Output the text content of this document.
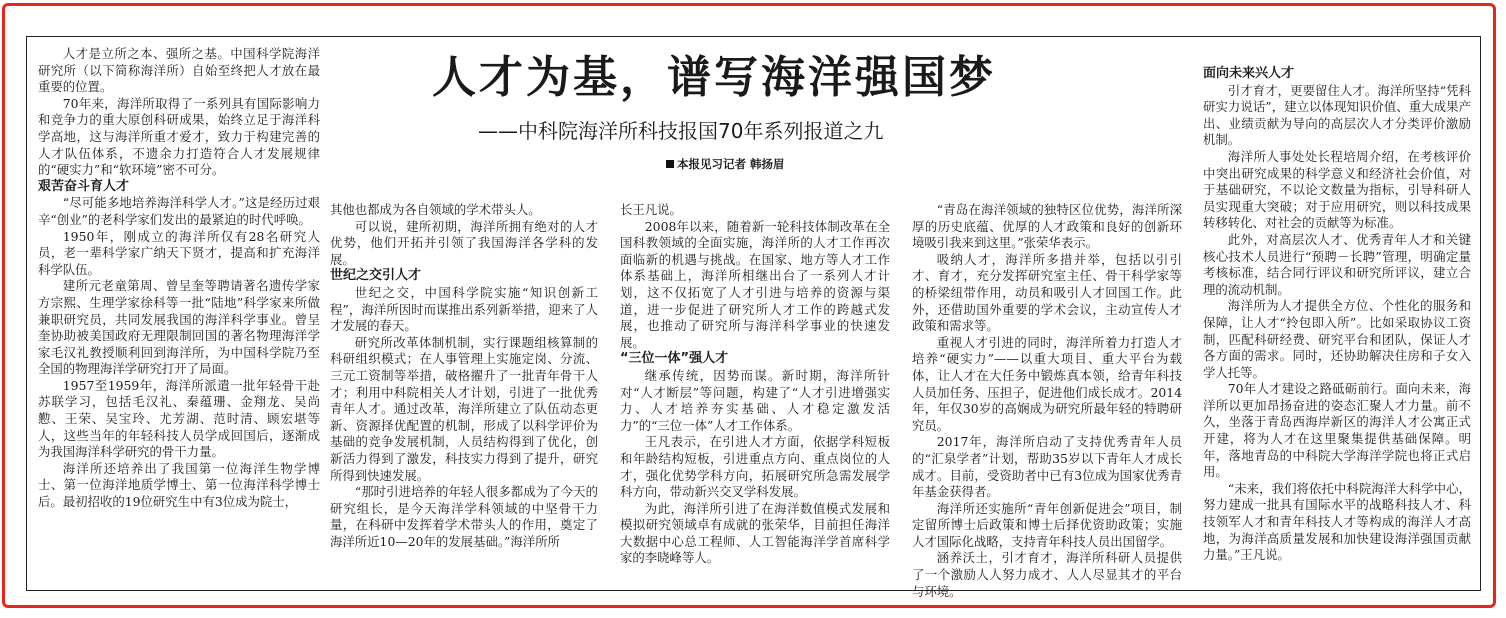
人才为基，谱写海洋强国梦
——中科院海洋所科技报国70年系列报道之九
本报见习记者 韩扬眉

人才是立所之本、强所之基。中国科学院海洋研究所（以下简称海洋所）自始至终把人才放在最重要的位置。

70年来，海洋所取得了一系列具有国际影响力和竞争力的重大原创科研成果，始终立足于海洋科学高地，这与海洋所重才爱才，致力于构建完善的人才队伍体系，不遗余力打造符合人才发展规律的“硬实力”和“软环境”密不可分。

艰苦奋斗育人才

“尽可能多地培养海洋科学人才。”这是经历过艰辛“创业”的老科学家们发出的最紧迫的时代呼唤。

1950年，刚成立的海洋所仅有28名研究人员，老一辈科学家广纳天下贤才，提高和扩充海洋科学队伍。

建所元老童第周、曾呈奎等聘请著名遗传学家方宗熙、生理学家徐科等一批“陆地”科学家来所做兼职研究员，共同发展我国的海洋科学事业。曾呈奎协助被美国政府无理限制回国的著名物理海洋学家毛汉礼教授顺利回到海洋所，为中国科学院乃至全国的物理海洋学研究打开了局面。

1957至1959年，海洋所派遣一批年轻骨干赴苏联学习，包括毛汉礼、秦蕴珊、金翔龙、吴尚懃、王荣、吴宝玲、尤芳湖、范时清、顾宏堪等人，这些当年的年轻科技人员学成回国后，逐渐成为我国海洋科学研究的骨干力量。

海洋所还培养出了我国第一位海洋生物学博士、第一位海洋地质学博士、第一位海洋科学博士后。最初招收的19位研究生中有3位成为院士，

其他也都成为各自领域的学术带头人。

可以说，建所初期，海洋所拥有绝对的人才优势，他们开拓并引领了我国海洋各学科的发展。

世纪之交引人才

世纪之交，中国科学院实施“知识创新工程”，海洋所因时而谋推出系列新举措，迎来了人才发展的春天。

研究所改革体制机制，实行课题组核算制的科研组织模式；在人事管理上实施定岗、分流、三元工资制等举措，破格擢升了一批青年骨干人才；利用中科院相关人才计划，引进了一批优秀青年人才。通过改革，海洋所建立了队伍动态更新、资源择优配置的机制，形成了以科学评价为基础的竞争发展机制，人员结构得到了优化，创新活力得到了激发，科技实力得到了提升，研究所得到快速发展。

“那时引进培养的年轻人很多都成为了今天的研究组长，是今天海洋学科领域的中坚骨干力量，在科研中发挥着学术带头人的作用，奠定了海洋所近10—20年的发展基础。”海洋所所

长王凡说。

2008年以来，随着新一轮科技体制改革在全国科教领域的全面实施，海洋所的人才工作再次面临新的机遇与挑战。在国家、地方等人才工作体系基础上，海洋所相继出台了一系列人才计划，这不仅拓宽了人才引进与培养的资源与渠道，进一步促进了研究所人才工作的跨越式发展，也推动了研究所与海洋科学事业的快速发展。

“三位一体”强人才

继承传统，因势而谋。新时期，海洋所针对“人才断层”等问题，构建了“人才引进增强实力、人才培养夯实基础、人才稳定激发活力”的“三位一体”人才工作体系。

王凡表示，在引进人才方面，依据学科短板和年龄结构短板，引进重点方向、重点岗位的人才，强化优势学科方向，拓展研究所急需发展学科方向，带动新兴交叉学科发展。

为此，海洋所引进了在海洋数值模式发展和模拟研究领域卓有成就的张荣华，目前担任海洋大数据中心总工程师、人工智能海洋学首席科学家的李晓峰等人。

“青岛在海洋领域的独特区位优势，海洋所深厚的历史底蕴、优厚的人才政策和良好的创新环境吸引我来到这里。”张荣华表示。

吸纳人才，海洋所多措并举，包括以引引才、育才，充分发挥研究室主任、骨干科学家等的桥梁纽带作用，动员和吸引人才回国工作。此外，还借助国外重要的学术会议，主动宣传人才政策和需求等。

重视人才引进的同时，海洋所着力打造人才培养“硬实力”——以重大项目、重大平台为载体，让人才在大任务中锻炼真本领，给青年科技人员加任务、压担子，促进他们成长成才。2014年，年仅30岁的高娴成为研究所最年轻的特聘研究员。

2017年，海洋所启动了支持优秀青年人员的“汇泉学者”计划，帮助35岁以下青年人才成长成才。目前，受资助者中已有3位成为国家优秀青年基金获得者。

海洋所还实施所“青年创新促进会”项目，制定留所博士后政策和博士后择优资助政策；实施人才国际化战略，支持青年科技人员出国留学。

涵养沃土，引才育才，海洋所科研人员提供了一个激励人人努力成才、人人尽显其才的平台与环境。

面向未来兴人才

引才育才，更要留住人才。海洋所坚持“凭科研实力说话”，建立以体现知识价值、重大成果产出、业绩贡献为导向的高层次人才分类评价激励机制。

海洋所人事处处长程培周介绍，在考核评价中突出研究成果的科学意义和经济社会价值，对于基础研究，不以论文数量为指标，引导科研人员实现重大突破；对于应用研究，则以科技成果转移转化、对社会的贡献等为标准。

此外，对高层次人才、优秀青年人才和关键核心技术人员进行“预聘－长聘”管理，明确定量考核标准，结合同行评议和研究所评议，建立合理的流动机制。

海洋所为人才提供全方位、个性化的服务和保障，让人才“拎包即入所”。比如采取协议工资制，匹配科研经费、研究平台和团队，保证人才各方面的需求。同时，还协助解决住房和子女入学人托等。

70年人才建设之路砥砺前行。面向未来，海洋所以更加昂扬奋进的姿态汇聚人才力量。前不久，坐落于青岛西海岸新区的海洋人才公寓正式开建，将为人才在这里聚集提供基础保障。明年，落地青岛的中科院大学海洋学院也将正式启用。

“未来，我们将依托中科院海洋大科学中心，努力建成一批具有国际水平的战略科技人才、科技领军人才和青年科技人才等构成的海洋人才高地，为海洋高质量发展和加快建设海洋强国贡献力量。”王凡说。
